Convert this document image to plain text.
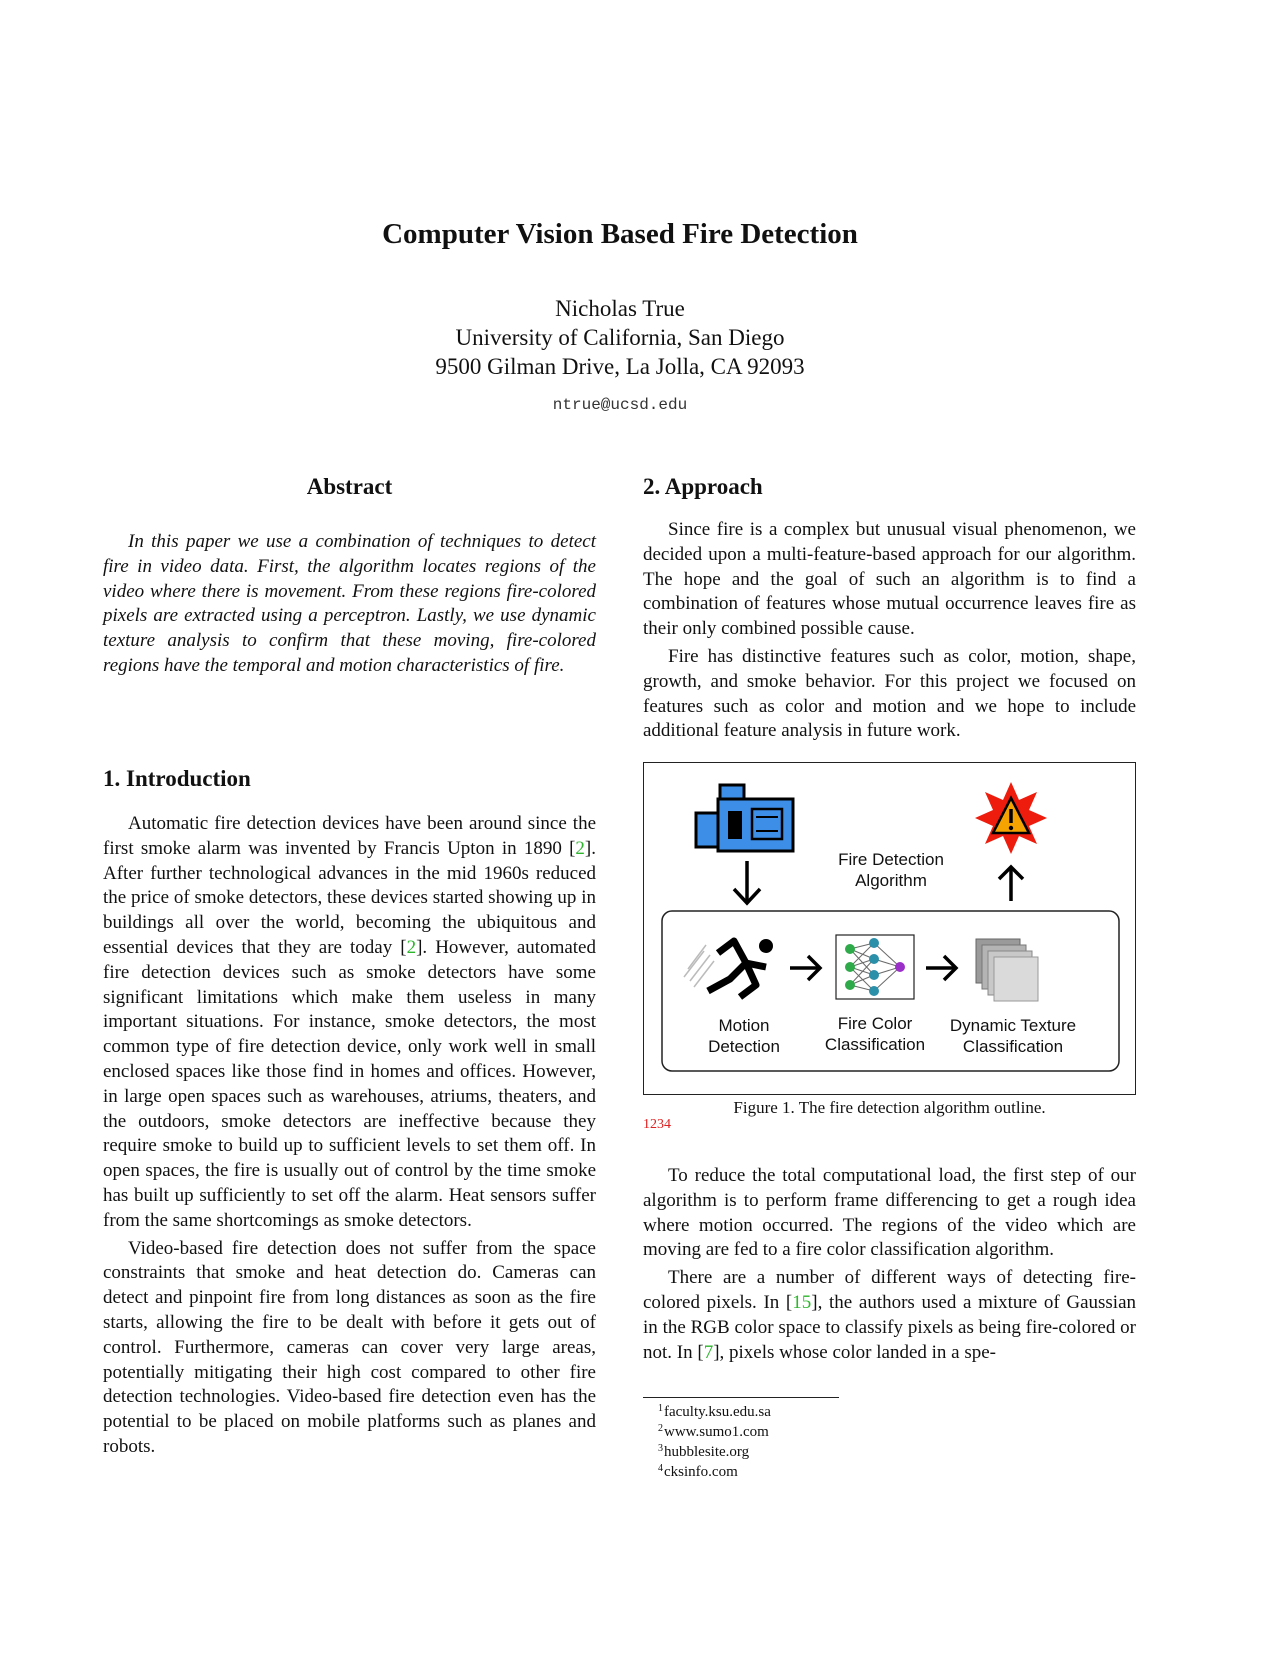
Computer Vision Based Fire Detection
Nicholas True
University of California, San Diego
9500 Gilman Drive, La Jolla, CA 92093
ntrue@ucsd.edu
Abstract

In this paper we use a combination of techniques to detect fire in video data. First, the algorithm locates regions of the video where there is movement. From these regions fire-colored pixels are extracted using a perceptron. Lastly, we use dynamic texture analysis to confirm that these moving, fire-colored regions have the temporal and motion characteristics of fire.

1. Introduction

Automatic fire detection devices have been around since the first smoke alarm was invented by Francis Upton in 1890 [2]. After further technological advances in the mid 1960s reduced the price of smoke detectors, these devices started showing up in buildings all over the world, becoming the ubiquitous and essential devices that they are today [2]. However, automated fire detection devices such as smoke detectors have some significant limitations which make them useless in many important situations. For instance, smoke detectors, the most common type of fire detection device, only work well in small enclosed spaces like those find in homes and offices. However, in large open spaces such as warehouses, atriums, theaters, and the outdoors, smoke detectors are ineffective because they require smoke to build up to sufficient levels to set them off. In open spaces, the fire is usually out of control by the time smoke has built up sufficiently to set off the alarm. Heat sensors suffer from the same shortcomings as smoke detectors.

Video-based fire detection does not suffer from the space constraints that smoke and heat detection do. Cameras can detect and pinpoint fire from long distances as soon as the fire starts, allowing the fire to be dealt with before it gets out of control. Furthermore, cameras can cover very large areas, potentially mitigating their high cost compared to other fire detection technologies. Video-based fire detection even has the potential to be placed on mobile platforms such as planes and robots.

2. Approach

Since fire is a complex but unusual visual phenomenon, we decided upon a multi-feature-based approach for our algorithm. The hope and the goal of such an algorithm is to find a combination of features whose mutual occurrence leaves fire as their only combined possible cause.

Fire has distinctive features such as color, motion, shape, growth, and smoke behavior. For this project we focused on features such as color and motion and we hope to include additional feature analysis in future work.

Fire Detection
Algorithm
Motion
Detection
Fire Color
Classification
Dynamic Texture
Classification
Figure 1. The fire detection algorithm outline.
1234

To reduce the total computational load, the first step of our algorithm is to perform frame differencing to get a rough idea where motion occurred. The regions of the video which are moving are fed to a fire color classification algorithm.

There are a number of different ways of detecting fire-colored pixels. In [15], the authors used a mixture of Gaussian in the RGB color space to classify pixels as being fire-colored or not. In [7], pixels whose color landed in a spe-

$^1$faculty.ksu.edu.sa
$^2$www.sumo1.com
$^3$hubblesite.org
$^4$cksinfo.com
